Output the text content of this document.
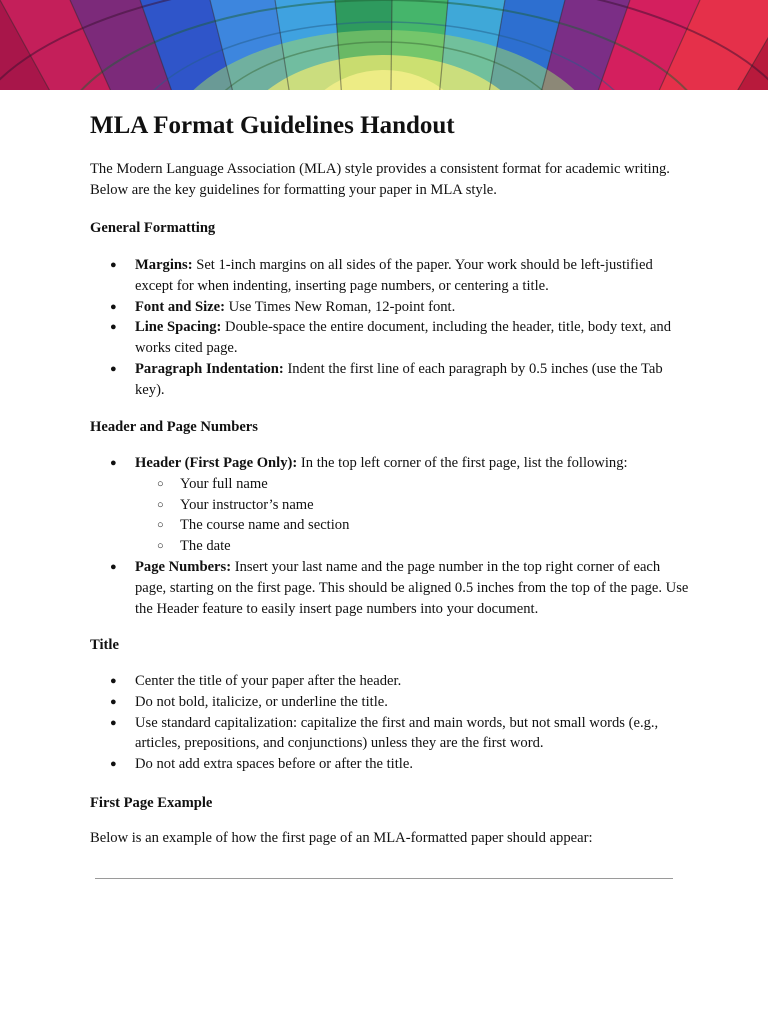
MLA Format Guidelines Handout

The Modern Language Association (MLA) style provides a consistent format for academic writing. Below are the key guidelines for formatting your paper in MLA style.

General Formatting
● Margins: Set 1-inch margins on all sides of the paper. Your work should be left-justified except for when indenting, inserting page numbers, or centering a title.
● Font and Size: Use Times New Roman, 12-point font.
● Line Spacing: Double-space the entire document, including the header, title, body text, and works cited page.
● Paragraph Indentation: Indent the first line of each paragraph by 0.5 inches (use the Tab key).
Header and Page Numbers
● Header (First Page Only): In the top left corner of the first page, list the following:
○ Your full name
○ Your instructor’s name
○ The course name and section
○ The date
● Page Numbers: Insert your last name and the page number in the top right corner of each page, starting on the first page. This should be aligned 0.5 inches from the top of the page. Use the Header feature to easily insert page numbers into your document.
Title
● Center the title of your paper after the header.
● Do not bold, italicize, or underline the title.
● Use standard capitalization: capitalize the first and main words, but not small words (e.g., articles, prepositions, and conjunctions) unless they are the first word.
● Do not add extra spaces before or after the title.
First Page Example

Below is an example of how the first page of an MLA-formatted paper should appear:
